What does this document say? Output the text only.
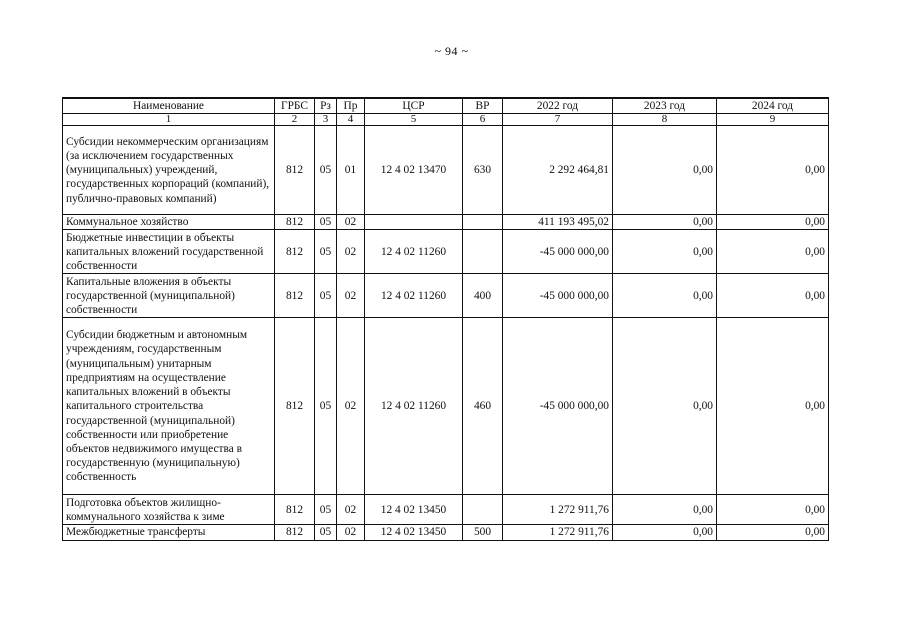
~ 94 ~
Наименование	ГРБС	Рз	Пр	ЦСР	ВР	2022 год	2023 год	2024 год
1	2	3	4	5	6	7	8	9
Субсидии некоммерческим организациям (за исключением государственных (муниципальных) учреждений, государственных корпораций (компаний), публично-правовых компаний)	812	05	01	12 4 02 13470	630	2 292 464,81	0,00	0,00
Коммунальное хозяйство	812	05	02			411 193 495,02	0,00	0,00
Бюджетные инвестиции в объекты капитальных вложений государственной собственности	812	05	02	12 4 02 11260		-45 000 000,00	0,00	0,00
Капитальные вложения в объекты государственной (муниципальной) собственности	812	05	02	12 4 02 11260	400	-45 000 000,00	0,00	0,00
Субсидии бюджетным и автономным учреждениям, государственным (муниципальным) унитарным предприятиям на осуществление капитальных вложений в объекты капитального строительства государственной (муниципальной) собственности или приобретение объектов недвижимого имущества в государственную (муниципальную) собственность	812	05	02	12 4 02 11260	460	-45 000 000,00	0,00	0,00
Подготовка объектов жилищно-коммунального хозяйства к зиме	812	05	02	12 4 02 13450		1 272 911,76	0,00	0,00
Межбюджетные трансферты	812	05	02	12 4 02 13450	500	1 272 911,76	0,00	0,00
